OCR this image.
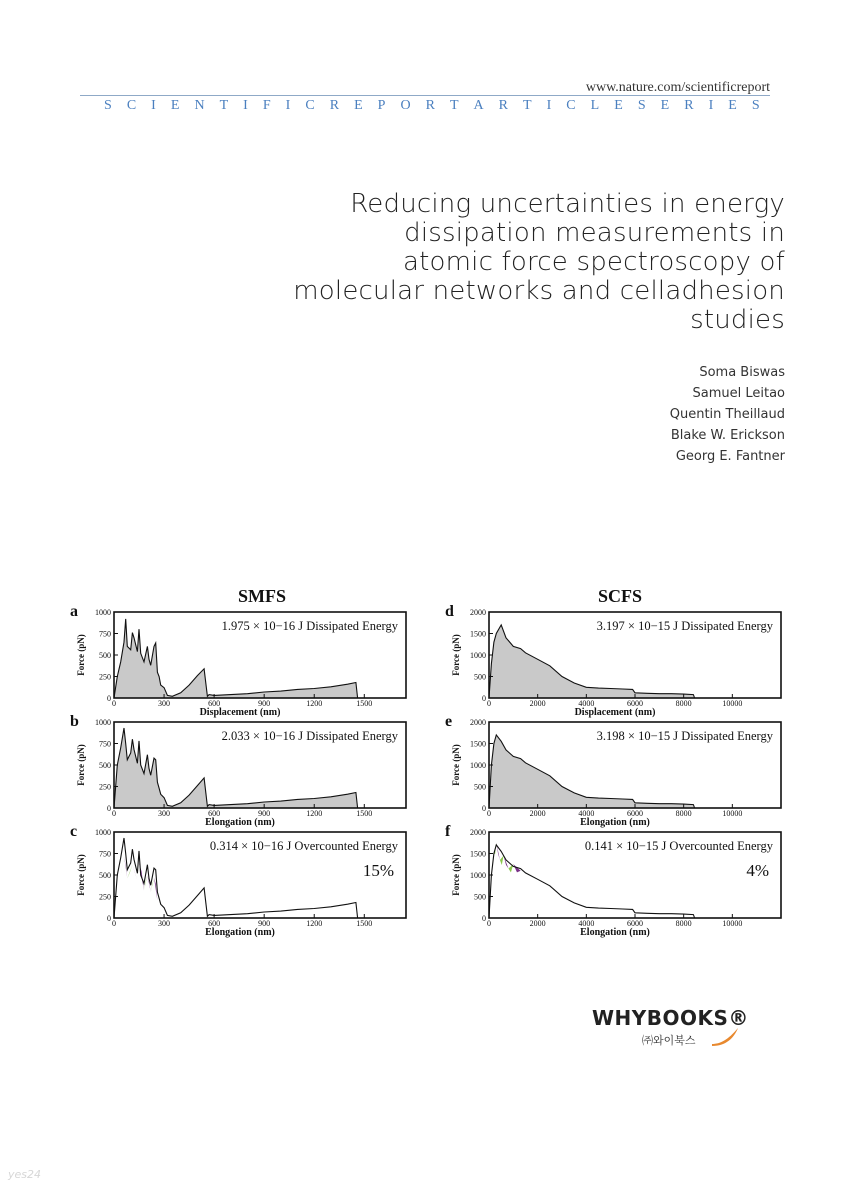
www.nature.com/scientificreport
S C I E N T I F I C R E P O R T A R T I C L E S E R I E S
Reducing uncertainties in energy
dissipation measurements in
atomic force spectroscopy of
molecular networks and celladhesion
studies
Soma Biswas
Samuel Leitao
Quentin Theillaud
Blake W. Erickson
Georg E. Fantner
SMFS	SCFS
a
0
250
500
750
1000
0	300	600	900	1200	1500
Displacement (nm)
Force (pN)
1.975 × 10−16 J Dissipated Energy
b
0
250
500
750
1000
0	300	600	900	1200	1500
Elongation (nm)
Force (pN)
2.033 × 10−16 J Dissipated Energy
c
0
250
500
750
1000
0	300	600	900	1200	1500
Elongation (nm)
Force (pN)
0.314 × 10−16 J Overcounted Energy
15%
d
0
500
1000
1500
2000
0	2000	4000	6000	8000	10000
Displacement (nm)
Force (pN)
3.197 × 10−15 J Dissipated Energy
e
0
500
1000
1500
2000
0	2000	4000	6000	8000	10000
Elongation (nm)
Force (pN)
3.198 × 10−15 J Dissipated Energy
f
0
500
1000
1500
2000
0	2000	4000	6000	8000	10000
Elongation (nm)
Force (pN)
0.141 × 10−15 J Overcounted Energy
4%
WHYBOOKS®
㈜와이북스
yes24
